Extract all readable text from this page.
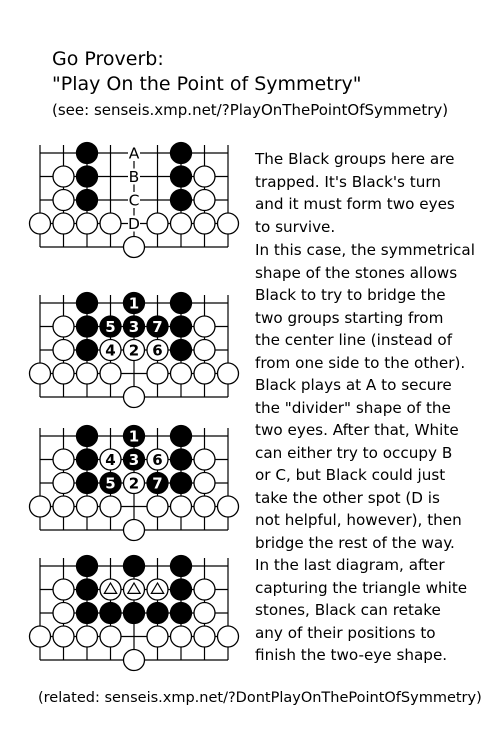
Go Proverb:
"Play On the Point of Symmetry"
(see: senseis.xmp.net/?PlayOnThePointOfSymmetry)
A
B
C
D
1
5 3 7
4 2 6
1
4 3 6
5 2 7
The Black groups here are
trapped. It's Black's turn
and it must form two eyes
to survive.
In this case, the symmetrical
shape of the stones allows
Black to try to bridge the
two groups starting from
the center line (instead of
from one side to the other).
Black plays at A to secure
the "divider" shape of the
two eyes. After that, White
can either try to occupy B
or C, but Black could just
take the other spot (D is
not helpful, however), then
bridge the rest of the way.
In the last diagram, after
capturing the triangle white
stones, Black can retake
any of their positions to
finish the two-eye shape.
(related: senseis.xmp.net/?DontPlayOnThePointOfSymmetry)
